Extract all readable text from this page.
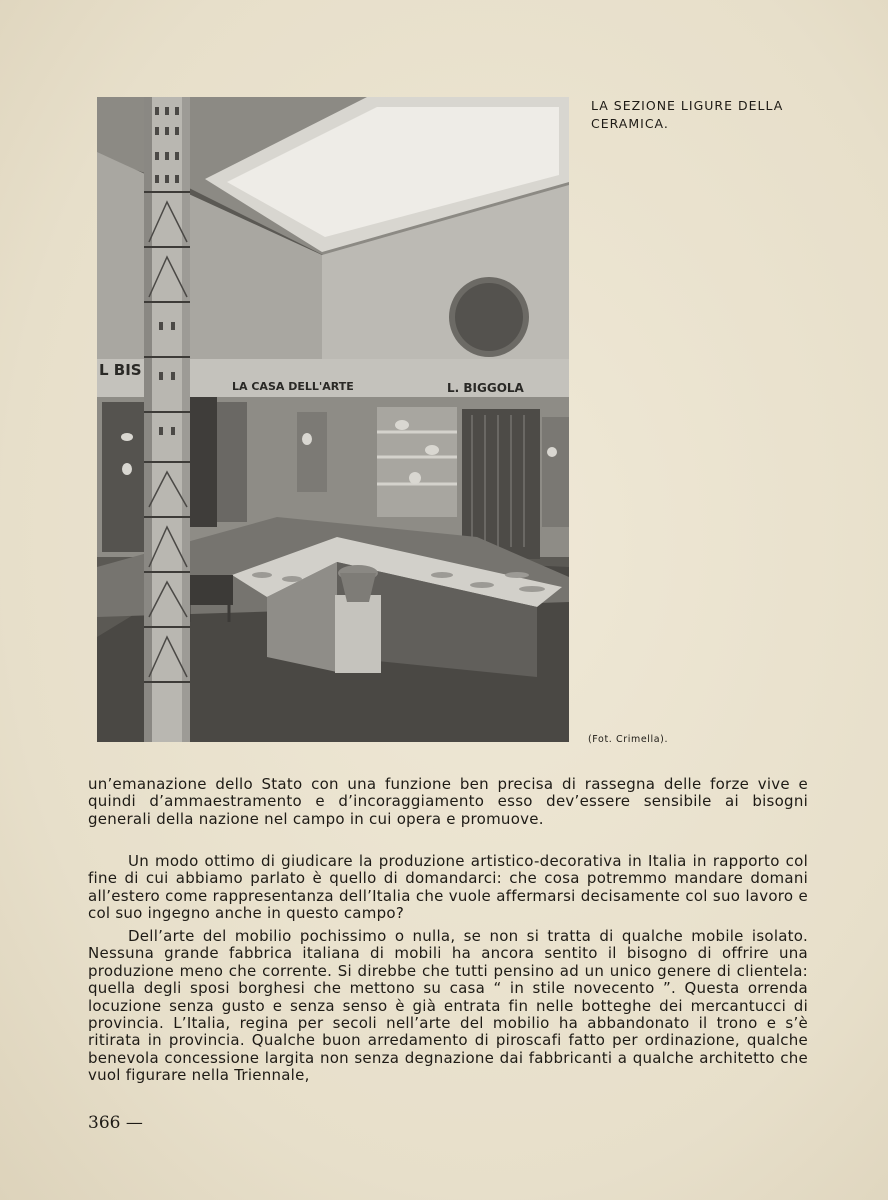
L BIS
LA CASA DELL'ARTE	L. BIGGOLA
LA SEZIONE LIGURE DELLA CERAMICA.
(Fot. Crimella).
un’emanazione dello Stato con una funzione ben precisa di rassegna delle forze vive e quindi d’ammaestramento e d’incoraggiamento esso dev’essere sensibile ai bisogni generali della nazione nel campo in cui opera e promuove.
Un modo ottimo di giudicare la produzione artistico-decorativa in Italia in rapporto col fine di cui abbiamo parlato è quello di domandarci: che cosa potremmo mandare domani all’estero come rappresentanza dell’Italia che vuole affermarsi decisamente col suo lavoro e col suo ingegno anche in questo campo?
Dell’arte del mobilio pochissimo o nulla, se non si tratta di qualche mobile isolato. Nessuna grande fabbrica italiana di mobili ha ancora sentito il bisogno di offrire una produzione meno che corrente. Si direbbe che tutti pensino ad un unico genere di clientela: quella degli sposi borghesi che mettono su casa “ in stile novecento ”. Questa orrenda locuzione senza gusto e senza senso è già entrata fin nelle botteghe dei mercantucci di provincia. L’Italia, regina per secoli nell’arte del mobilio ha abbandonato il trono e s’è ritirata in provincia. Qualche buon arredamento di piroscafi fatto per ordinazione, qualche benevola concessione largita non senza degnazione dai fabbricanti a qualche architetto che vuol figurare nella Triennale,
366 —
